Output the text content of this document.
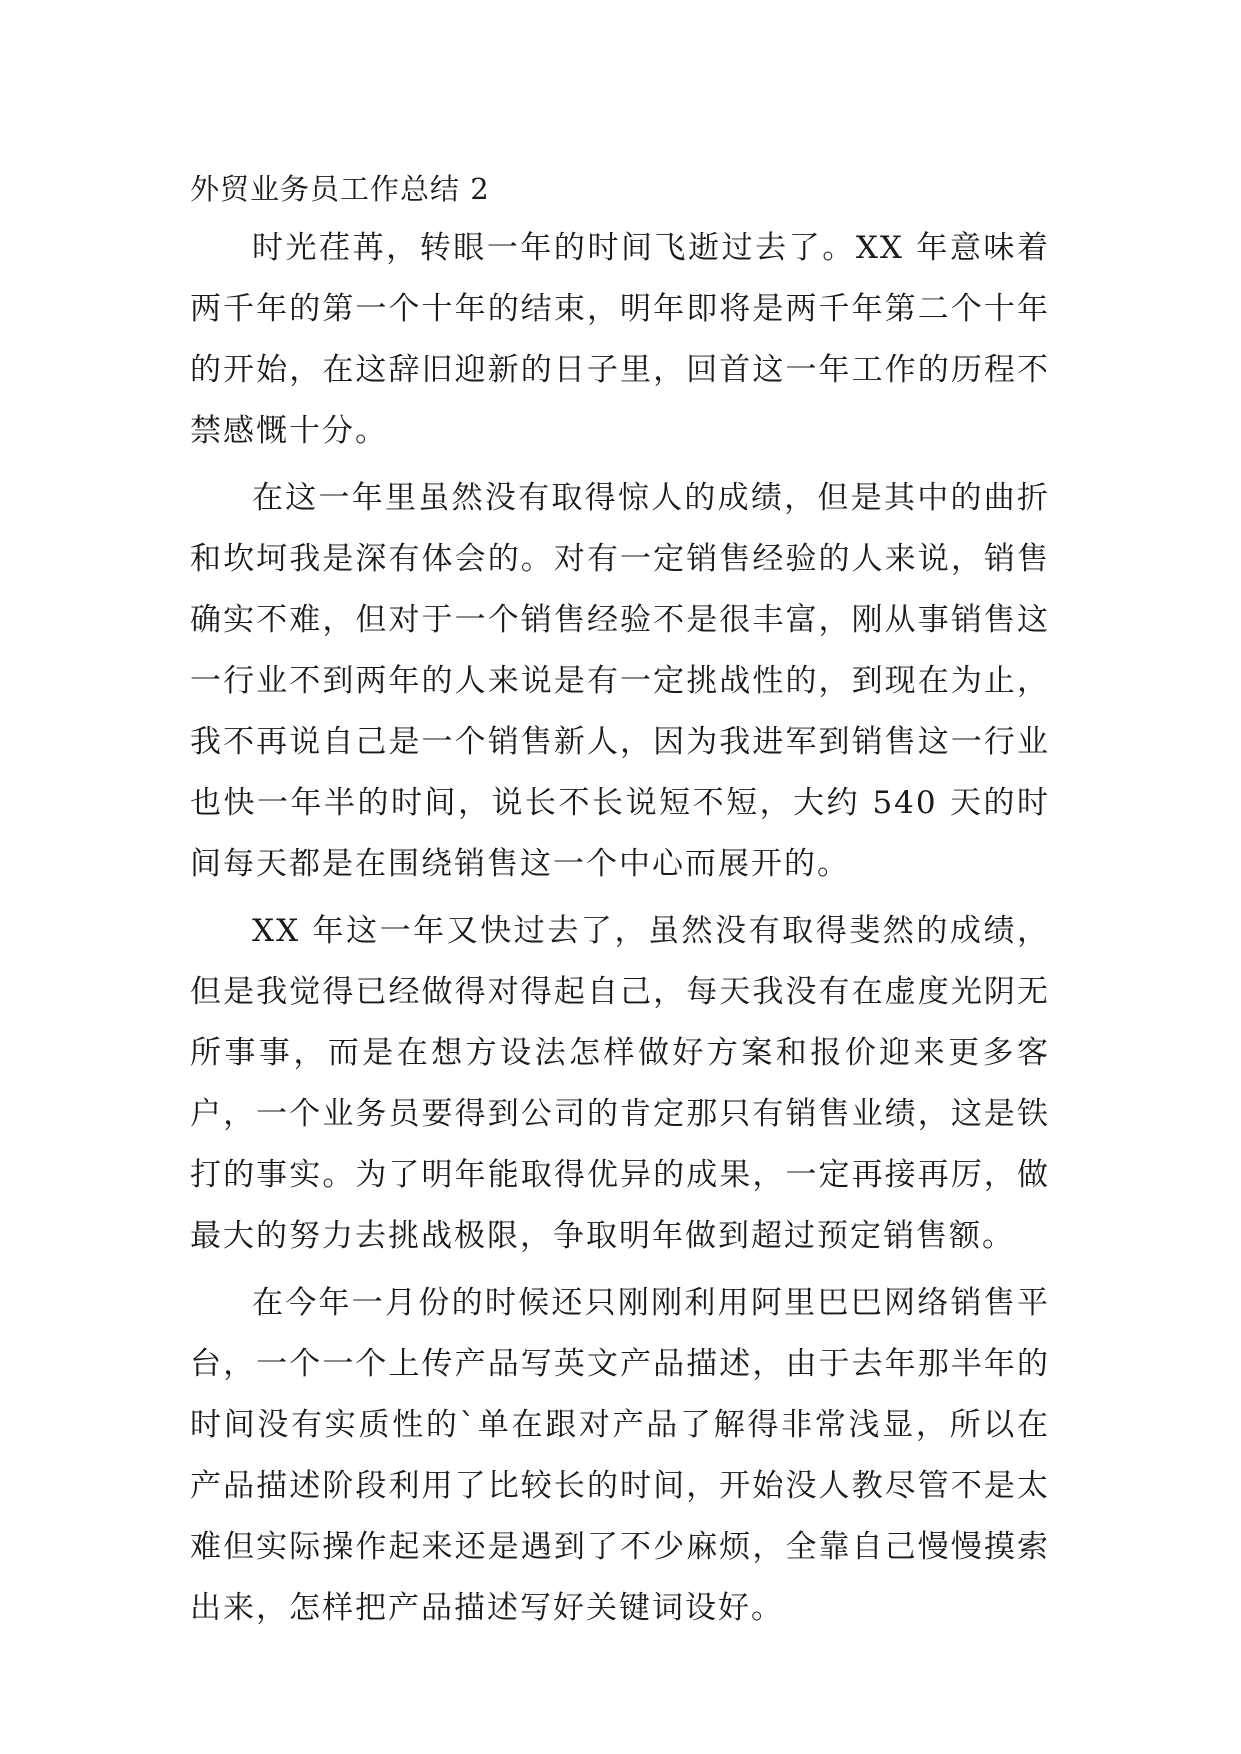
外贸业务员工作总结 2

时光荏苒，转眼一年的时间飞逝过去了。XX 年意味着两千年的第一个十年的结束，明年即将是两千年第二个十年的开始，在这辞旧迎新的日子里，回首这一年工作的历程不禁感慨十分。

在这一年里虽然没有取得惊人的成绩，但是其中的曲折和坎坷我是深有体会的。对有一定销售经验的人来说，销售确实不难，但对于一个销售经验不是很丰富，刚从事销售这一行业不到两年的人来说是有一定挑战性的，到现在为止，我不再说自己是一个销售新人，因为我进军到销售这一行业也快一年半的时间，说长不长说短不短，大约 540 天的时间每天都是在围绕销售这一个中心而展开的。

XX 年这一年又快过去了，虽然没有取得斐然的成绩，但是我觉得已经做得对得起自己，每天我没有在虚度光阴无所事事，而是在想方设法怎样做好方案和报价迎来更多客户，一个业务员要得到公司的肯定那只有销售业绩，这是铁打的事实。为了明年能取得优异的成果，一定再接再厉，做最大的努力去挑战极限，争取明年做到超过预定销售额。

在今年一月份的时候还只刚刚利用阿里巴巴网络销售平台，一个一个上传产品写英文产品描述，由于去年那半年的时间没有实质性的`单在跟对产品了解得非常浅显，所以在产品描述阶段利用了比较长的时间，开始没人教尽管不是太难但实际操作起来还是遇到了不少麻烦，全靠自己慢慢摸索出来，怎样把产品描述写好关键词设好。
